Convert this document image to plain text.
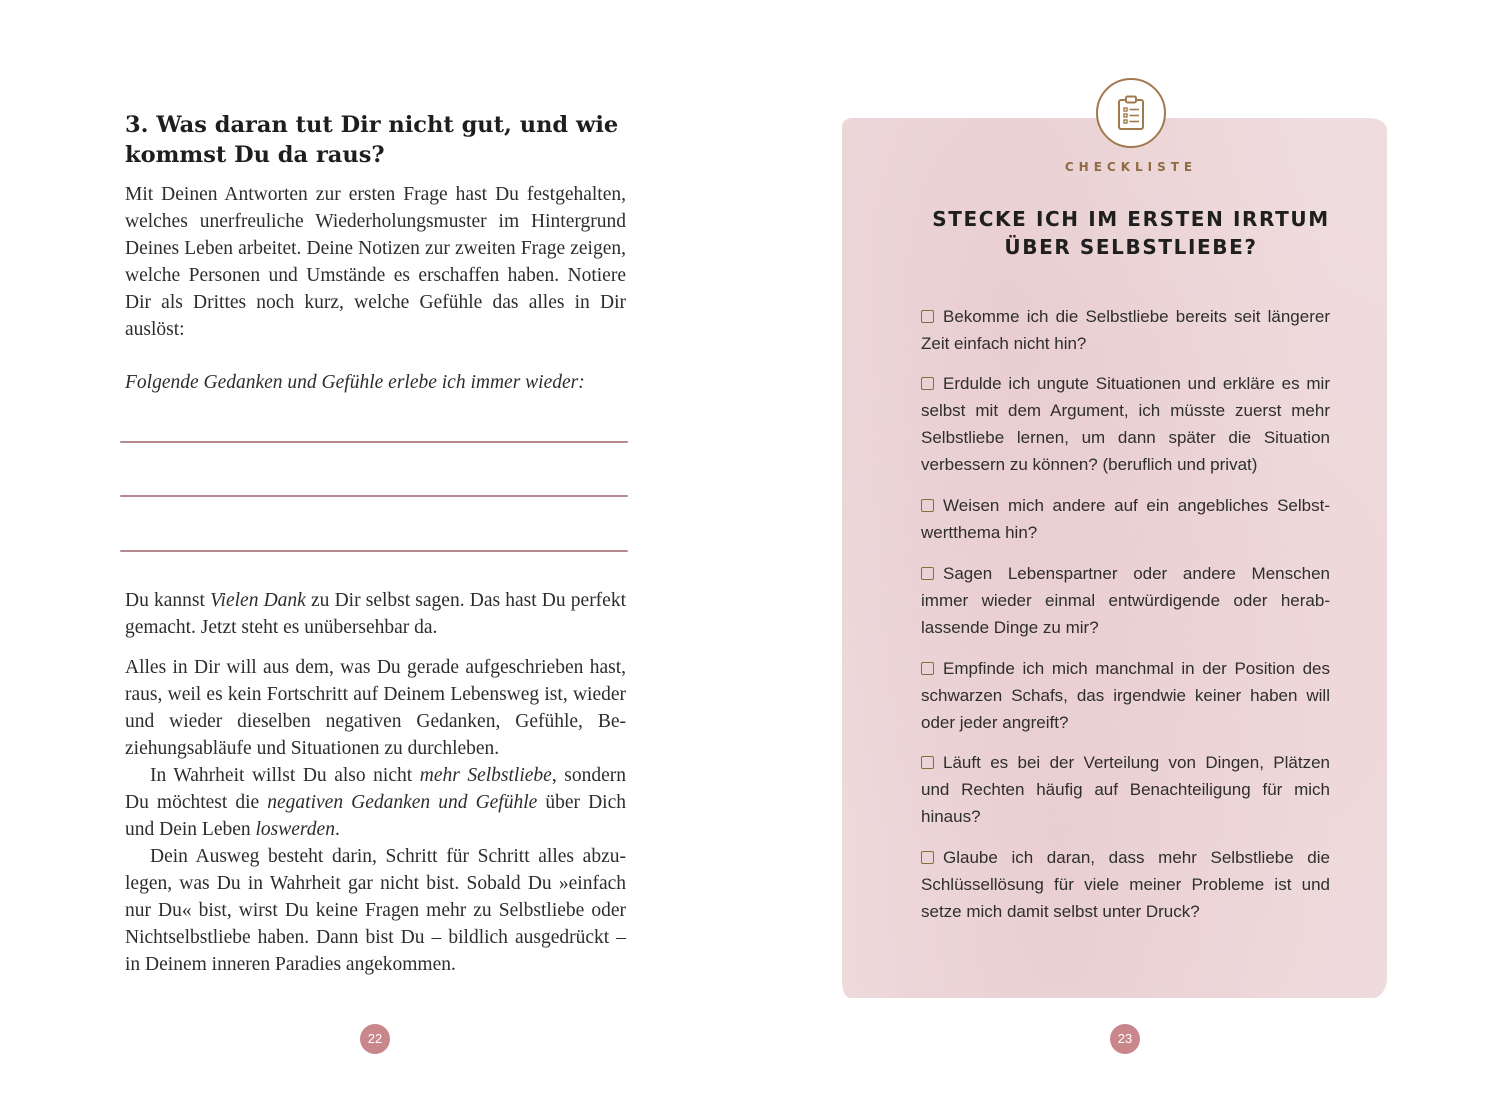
3. Was daran tut Dir nicht gut, und wie kommst Du da raus?

Mit Deinen Antworten zur ersten Frage hast Du festgehalten, welches unerfreuliche Wiederholungsmuster im Hintergrund Deines Leben arbeitet. Deine Notizen zur zweiten Frage zeigen, welche Personen und Umstände es erschaffen haben. Notiere Dir als Drittes noch kurz, welche Gefühle das alles in Dir auslöst:

Folgende Gedanken und Gefühle erlebe ich immer wieder:

Du kannst Vielen Dank zu Dir selbst sagen. Das hast Du perfekt gemacht. Jetzt steht es unübersehbar da.

Alles in Dir will aus dem, was Du gerade aufgeschrieben hast, raus, weil es kein Fortschritt auf Deinem Lebensweg ist, wieder und wieder dieselben negativen Gedanken, Gefühle, Beziehungsabläufe und Situationen zu durchleben.

In Wahrheit willst Du also nicht mehr Selbstliebe, sondern Du möchtest die negativen Gedanken und Gefühle über Dich und Dein Leben loswerden.

Dein Ausweg besteht darin, Schritt für Schritt alles abzulegen, was Du in Wahrheit gar nicht bist. Sobald Du »einfach nur Du« bist, wirst Du keine Fragen mehr zu Selbstliebe oder Nichtselbstliebe haben. Dann bist Du – bildlich ausgedrückt – in Deinem inneren Paradies angekommen.

22

CHECKLISTE

STECKE ICH IM ERSTEN IRRTUM
ÜBER SELBSTLIEBE?
Bekomme ich die Selbstliebe bereits seit längerer Zeit einfach nicht hin?
Erdulde ich ungute Situationen und erkläre es mir selbst mit dem Argument, ich müsste zuerst mehr Selbstliebe lernen, um dann später die Situation verbessern zu können? (beruflich und privat)
Weisen mich andere auf ein angebliches Selbstwertthema hin?
Sagen Lebenspartner oder andere Menschen immer wieder einmal entwürdigende oder herablassende Dinge zu mir?
Empfinde ich mich manchmal in der Position des schwarzen Schafs, das irgendwie keiner haben will oder jeder angreift?
Läuft es bei der Verteilung von Dingen, Plätzen und Rechten häufig auf Benachteiligung für mich hinaus?
Glaube ich daran, dass mehr Selbstliebe die Schlüssellösung für viele meiner Probleme ist und setze mich damit selbst unter Druck?
23
